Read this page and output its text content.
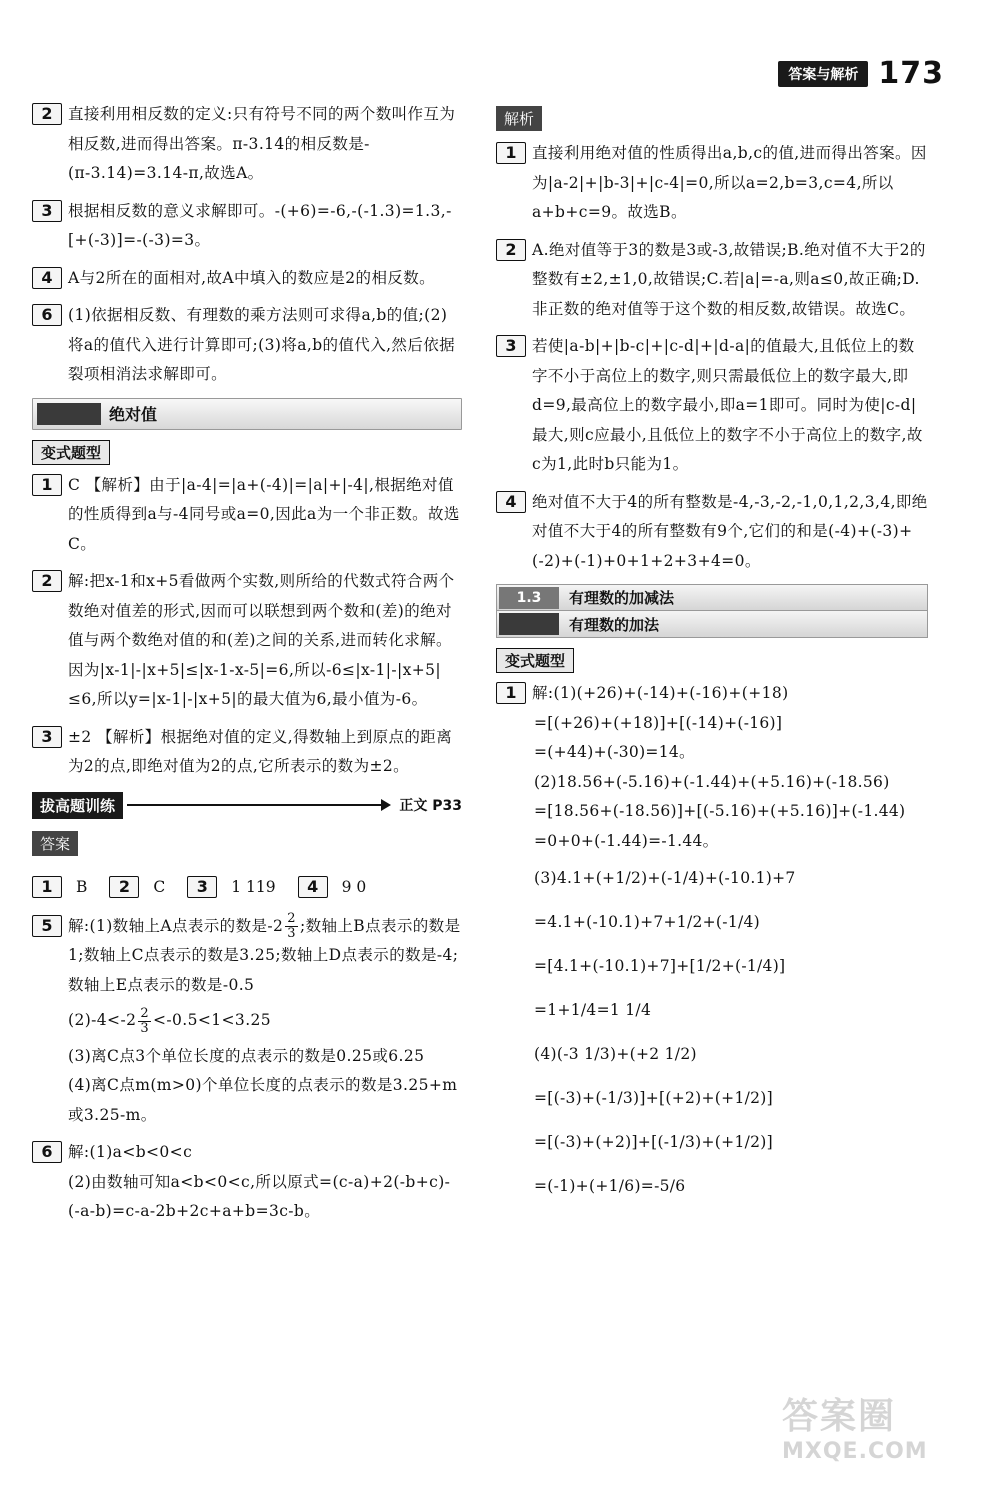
答案与解析 173
2 直接利用相反数的定义:只有符号不同的两个数叫作互为相反数,进而得出答案。π-3.14的相反数是-(π-3.14)=3.14-π,故选A。
3 根据相反数的意义求解即可。-(+6)=-6,-(-1.3)=1.3,-[+(-3)]=-(-3)=3。
4 A与2所在的面相对,故A中填入的数应是2的相反数。
6 (1)依据相反数、有理数的乘方法则可求得a,b的值;(2)将a的值代入进行计算即可;(3)将a,b的值代入,然后依据裂项相消法求解即可。
绝对值
变式题型
1 C 【解析】由于|a-4|=|a+(-4)|=|a|+|-4|,根据绝对值的性质得到a与-4同号或a=0,因此a为一个非正数。故选C。
2 解:把x-1和x+5看做两个实数,则所给的代数式符合两个数绝对值差的形式,因而可以联想到两个数和(差)的绝对值与两个数绝对值的和(差)之间的关系,进而转化求解。因为|x-1|-|x+5|≤|x-1-x-5|=6,所以-6≤|x-1|-|x+5|≤6,所以y=|x-1|-|x+5|的最大值为6,最小值为-6。
3 ±2 【解析】根据绝对值的定义,得数轴上到原点的距离为2的点,即绝对值为2的点,它所表示的数为±2。
拔高题训练	正文 P33
答案
1	B	2	C	3	1 119	4	9 0
5 解:(1)数轴上A点表示的数是$-2 \frac{2}{3}$ ;数轴上B点表示的数是1;数轴上C点表示的数是3.25;数轴上D点表示的数是-4;数轴上E点表示的数是-0.5
$(2)-4<-2 \frac{2}{3} <-0.5<1<3.25$
(3)离C点3个单位长度的点表示的数是0.25或6.25
(4)离C点m(m>0)个单位长度的点表示的数是3.25+m或3.25-m。
6 解:(1)a<b<0<c
(2)由数轴可知a<b<0<c,所以原式=(c-a)+2(-b+c)-(-a-b)=c-a-2b+2c+a+b=3c-b。
解析
1 直接利用绝对值的性质得出a,b,c的值,进而得出答案。因为|a-2|+|b-3|+|c-4|=0,所以a=2,b=3,c=4,所以a+b+c=9。故选B。
2 A.绝对值等于3的数是3或-3,故错误;B.绝对值不大于2的整数有±2,±1,0,故错误;C.若|a|=-a,则a≤0,故正确;D.非正数的绝对值等于这个数的相反数,故错误。故选C。
3 若使|a-b|+|b-c|+|c-d|+|d-a|的值最大,且低位上的数字不小于高位上的数字,则只需最低位上的数字最大,即d=9,最高位上的数字最小,即a=1即可。同时为使|c-d|最大,则c应最小,且低位上的数字不小于高位上的数字,故c为1,此时b只能为1。
4 绝对值不大于4的所有整数是-4,-3,-2,-1,0,1,2,3,4,即绝对值不大于4的所有整数有9个,它们的和是(-4)+(-3)+(-2)+(-1)+0+1+2+3+4=0。
1.3	有理数的加减法
有理数的加法
变式题型
1 解:(1)(+26)+(-14)+(-16)+(+18)
=[(+26)+(+18)]+[(-14)+(-16)]
=(+44)+(-30)=14。
(2)18.56+(-5.16)+(-1.44)+(+5.16)+(-18.56)
=[18.56+(-18.56)]+[(-5.16)+(+5.16)]+(-1.44)
=0+0+(-1.44)=-1.44。
(3)4.1+(+1/2)+(-1/4)+(-10.1)+7
=4.1+(-10.1)+7+1/2+(-1/4)
=[4.1+(-10.1)+7]+[1/2+(-1/4)]
=1+1/4=1 1/4
(4)(-3 1/3)+(+2 1/2)
=[(-3)+(-1/3)]+[(+2)+(+1/2)]
=[(-3)+(+2)]+[(-1/3)+(+1/2)]
=(-1)+(+1/6)=-5/6
答案圈
MXQE.COM
